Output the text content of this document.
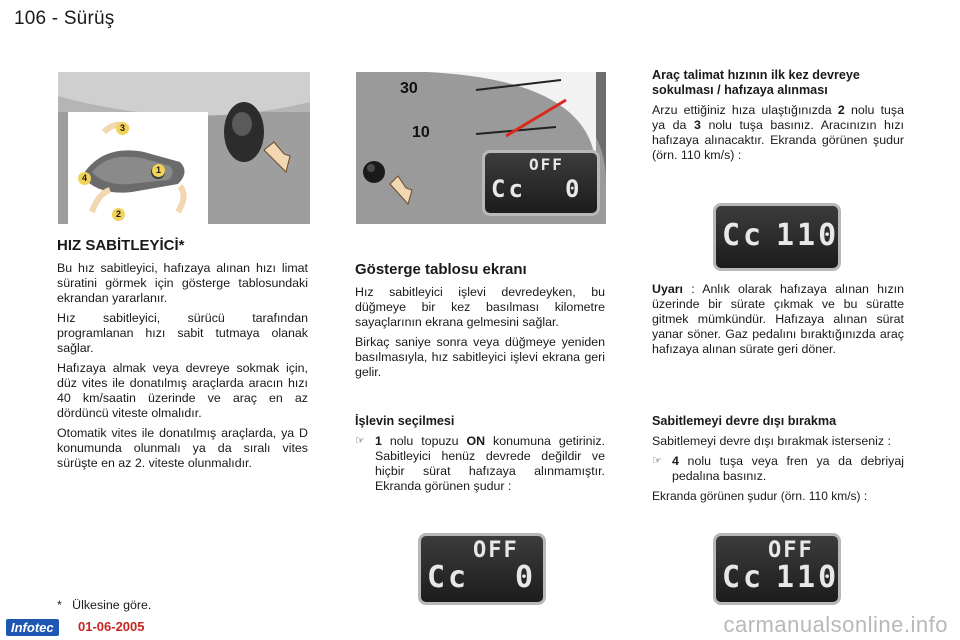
106 - Sürüş
3
4
1
2
30
10
OFF
Cc 0
HIZ SABİTLEYİCİ*

Bu hız sabitleyici, hafızaya alınan hızı limat süratini görmek için gösterge tablosundaki ekrandan yararlanır.

Hız sabitleyici, sürücü tarafından programlanan hızı sabit tutmaya olanak sağlar.

Hafızaya almak veya devreye sokmak için, düz vites ile donatılmış araçlarda aracın hızı 40 km/saatin üzerinde ve araç en az dördüncü viteste olmalıdır.

Otomatik vites ile donatılmış araçlarda, ya D konumunda olunmalı ya da sıralı vites sürüşte en az 2. viteste olunmalıdır.

Gösterge tablosu ekranı

Hız sabitleyici işlevi devredeyken, bu düğmeye bir kez basılması kilometre sayaçlarının ekrana gelmesini sağlar.

Birkaç saniye sonra veya düğmeye yeniden basılmasıyla, hız sabitleyici işlevi ekrana geri gelir.

İşlevin seçilmesi
☞ 1 nolu topuzu ON konumuna getiriniz. Sabitleyici henüz devrede değildir ve hiçbir sürat hafızaya alınmamıştır. Ekranda görünen şudur :
Araç talimat hızının ilk kez devreye sokulması / hafızaya alınması

Arzu ettiğiniz hıza ulaştığınızda 2 nolu tuşa ya da 3 nolu tuşa basınız. Aracınızın hızı hafızaya alınacaktır. Ekranda görünen şudur (örn. 110 km/s) :

Uyarı : Anlık olarak hafızaya alınan hızın üzerinde bir sürate çıkmak ve bu süratte gitmek mümkündür. Hafızaya alınan sürat yanar söner. Gaz pedalını bıraktığınızda araç hafızaya alınan sürate geri döner.

Sabitlemeyi devre dışı bırakma

Sabitlemeyi devre dışı bırakmak isterseniz :

☞ 4 nolu tuşa veya fren ya da debriyaj pedalına basınız.

Ekranda görünen şudur (örn. 110 km/s) :

Cc 110
OFF
Cc 0
OFF
Cc 110
* Ülkesine göre.
Infotec	01-06-2005	carmanualsonline.info
